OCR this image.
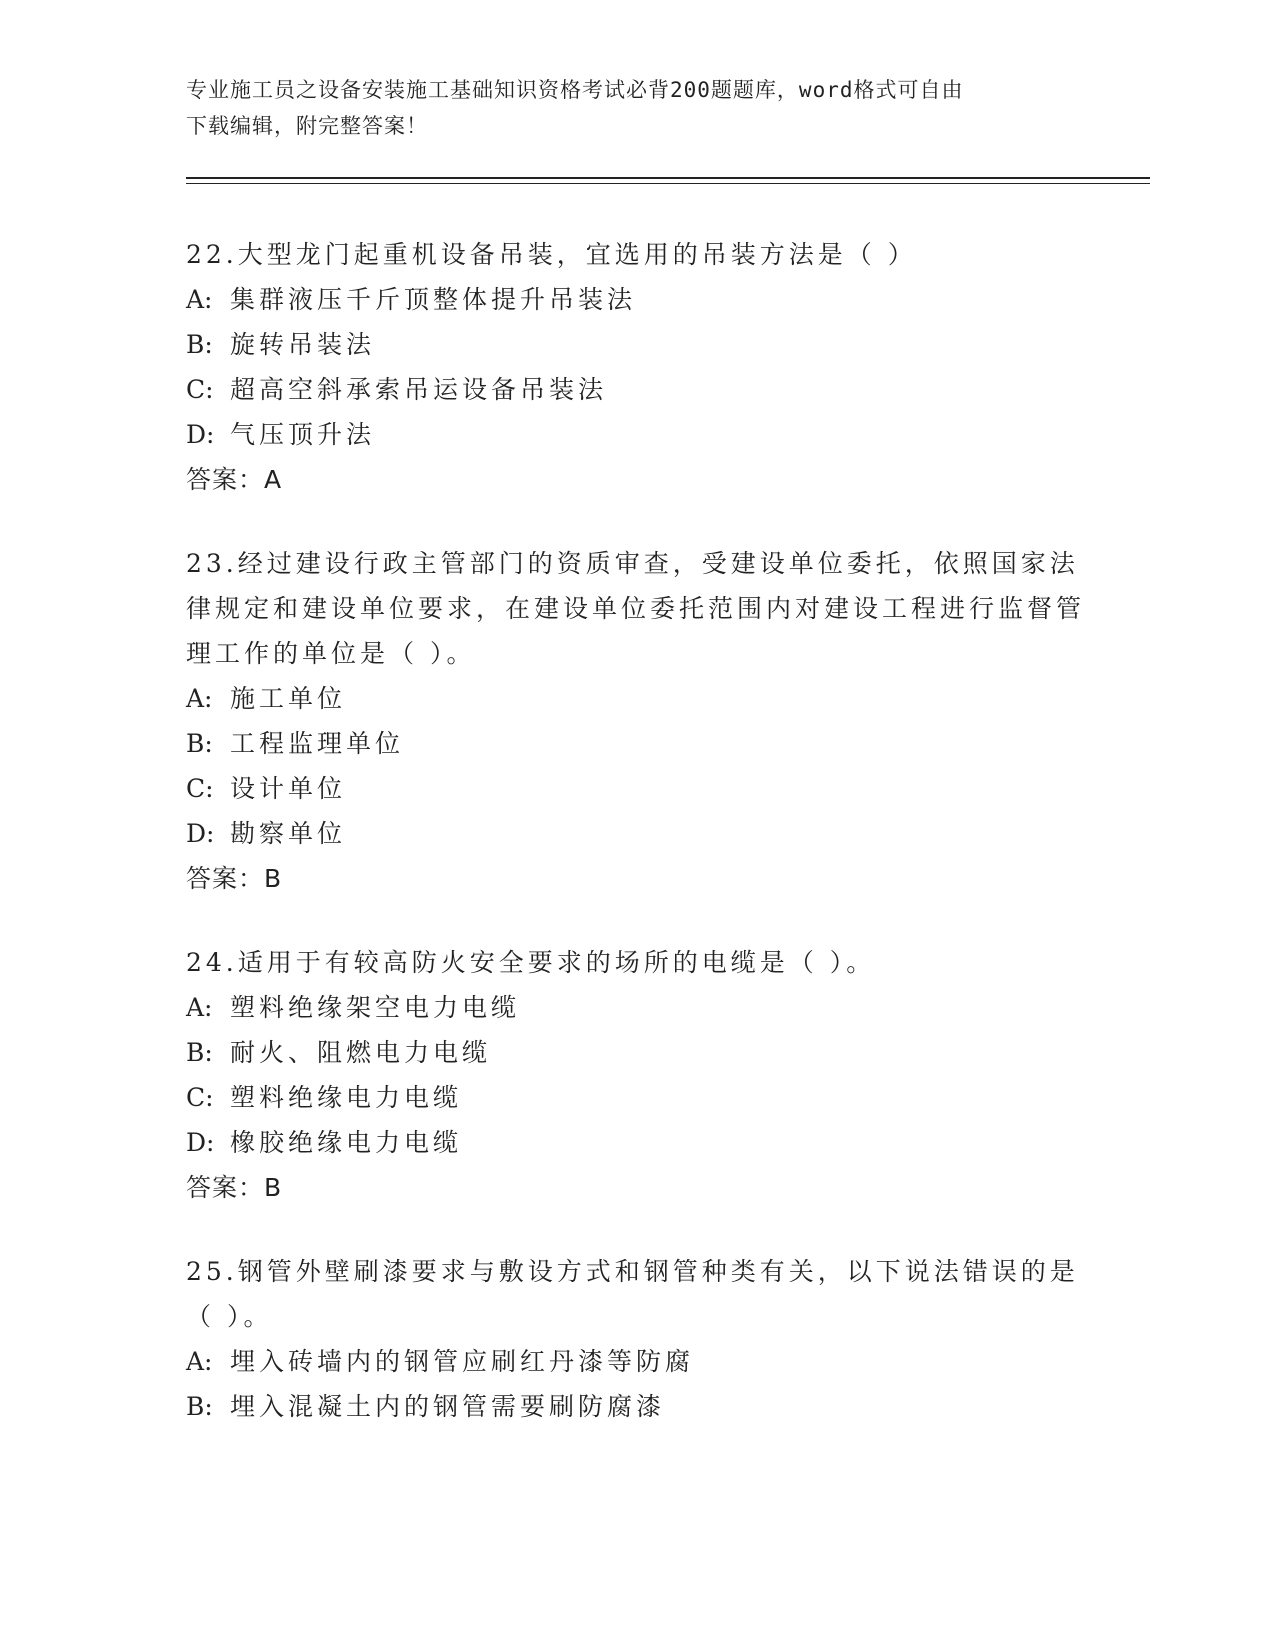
专业施工员之设备安装施工基础知识资格考试必背200题题库，word格式可自由
下载编辑，附完整答案！

22.大型龙门起重机设备吊装，宜选用的吊装方法是（ ）

A: 集群液压千斤顶整体提升吊装法
B: 旋转吊装法
C: 超高空斜承索吊运设备吊装法
D: 气压顶升法

答案：A

23.经过建设行政主管部门的资质审查，受建设单位委托，依照国家法律规定和建设单位要求，在建设单位委托范围内对建设工程进行监督管理工作的单位是（ ）。

A: 施工单位
B: 工程监理单位
C: 设计单位
D: 勘察单位

答案：B

24.适用于有较高防火安全要求的场所的电缆是（ ）。

A: 塑料绝缘架空电力电缆
B: 耐火、阻燃电力电缆
C: 塑料绝缘电力电缆
D: 橡胶绝缘电力电缆

答案：B

25.钢管外壁刷漆要求与敷设方式和钢管种类有关，以下说法错误的是（ ）。

A: 埋入砖墙内的钢管应刷红丹漆等防腐
B: 埋入混凝土内的钢管需要刷防腐漆
